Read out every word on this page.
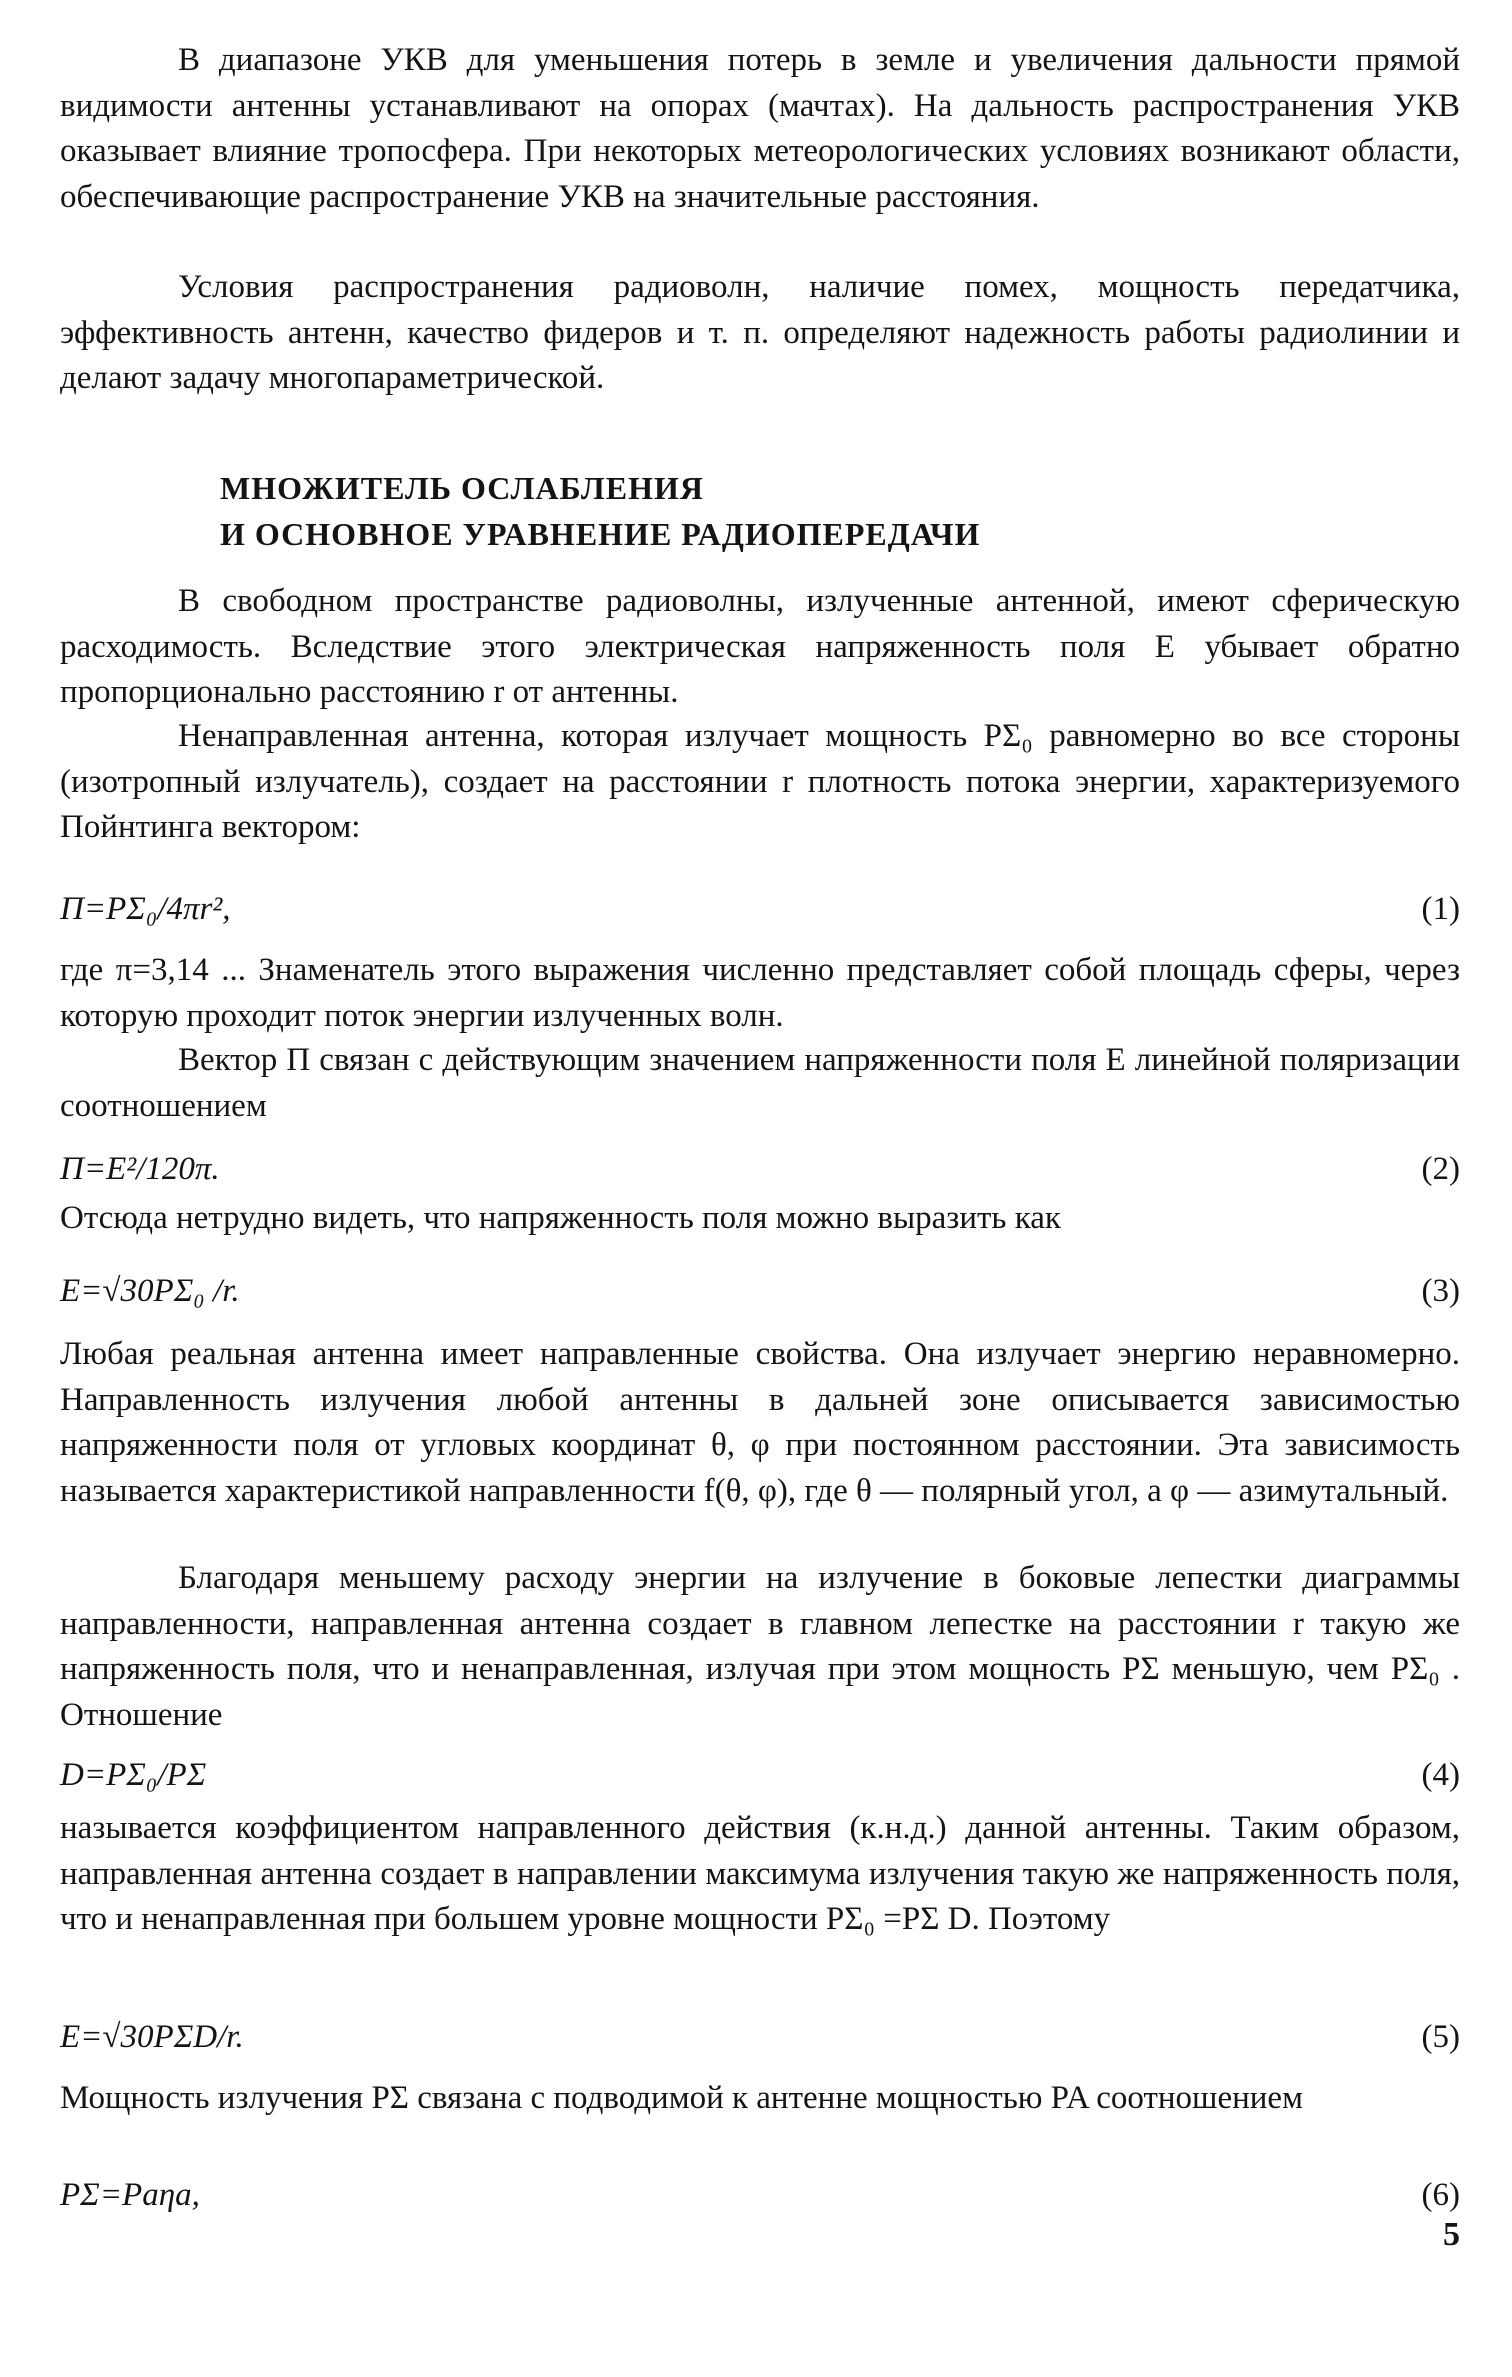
В диапазоне УКВ для уменьшения потерь в земле и увеличения дальности прямой видимости антенны устанавливают на опорах (мачтах). На дальность распространения УКВ оказывает влияние тропосфера. При некоторых метеорологических условиях возникают области, обеспечивающие распространение УКВ на значительные расстояния.

Условия распространения радиоволн, наличие помех, мощность передатчика, эффективность антенн, качество фидеров и т. п. определяют надежность работы радиолинии и делают задачу многопараметрической.

МНОЖИТЕЛЬ ОСЛАБЛЕНИЯ
И ОСНОВНОЕ УРАВНЕНИЕ РАДИОПЕРЕДАЧИ

В свободном пространстве радиоволны, излученные антенной, имеют сферическую расходимость. Вследствие этого электрическая напряженность поля E убывает обратно пропорционально расстоянию r от антенны.

Ненаправленная антенна, которая излучает мощность PΣ₀ равномерно во все стороны (изотропный излучатель), создает на расстоянии r плотность потока энергии, характеризуемого Пойнтинга вектором:

П=PΣ₀/4πr²,	(1)

где π=3,14 ... Знаменатель этого выражения численно представляет собой площадь сферы, через которую проходит поток энергии излученных волн.

Вектор П связан с действующим значением напряженности поля E линейной поляризации соотношением

П=E²/120π.	(2)

Отсюда нетрудно видеть, что напряженность поля можно выразить как

E=√30PΣ₀ /r.	(3)

Любая реальная антенна имеет направленные свойства. Она излучает энергию неравномерно. Направленность излучения любой антенны в дальней зоне описывается зависимостью напряженности поля от угловых координат θ, φ при постоянном расстоянии. Эта зависимость называется характеристикой направленности f(θ, φ), где θ — полярный угол, а φ — азимутальный.

Благодаря меньшему расходу энергии на излучение в боковые лепестки диаграммы направленности, направленная антенна создает в главном лепестке на расстоянии r такую же напряженность поля, что и ненаправленная, излучая при этом мощность PΣ меньшую, чем PΣ₀ . Отношение

D=PΣ₀/PΣ	(4)

называется коэффициентом направленного действия (к.н.д.) данной антенны. Таким образом, направленная антенна создает в направлении максимума излучения такую же напряженность поля, что и ненаправленная при большем уровне мощности PΣ₀ =PΣ D. Поэтому

E=√30PΣD/r.	(5)

Мощность излучения PΣ связана с подводимой к антенне мощностью PA соотношением

PΣ=Paηa,	(6)
5
